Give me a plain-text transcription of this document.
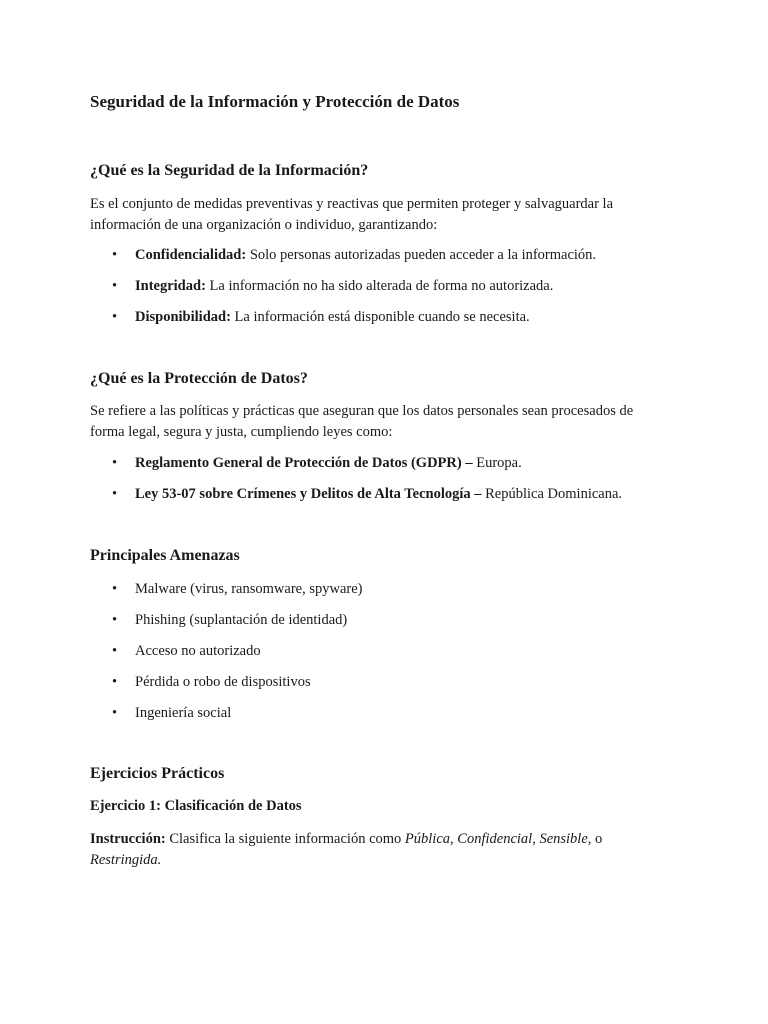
Seguridad de la Información y Protección de Datos
¿Qué es la Seguridad de la Información?

Es el conjunto de medidas preventivas y reactivas que permiten proteger y salvaguardar la información de una organización o individuo, garantizando:

• Confidencialidad: Solo personas autorizadas pueden acceder a la información.
• Integridad: La información no ha sido alterada de forma no autorizada.
• Disponibilidad: La información está disponible cuando se necesita.
¿Qué es la Protección de Datos?

Se refiere a las políticas y prácticas que aseguran que los datos personales sean procesados de forma legal, segura y justa, cumpliendo leyes como:

• Reglamento General de Protección de Datos (GDPR) – Europa.
• Ley 53-07 sobre Crímenes y Delitos de Alta Tecnología – República Dominicana.
Principales Amenazas
• Malware (virus, ransomware, spyware)
• Phishing (suplantación de identidad)
• Acceso no autorizado
• Pérdida o robo de dispositivos
• Ingeniería social
Ejercicios Prácticos
Ejercicio 1: Clasificación de Datos

Instrucción: Clasifica la siguiente información como Pública, Confidencial, Sensible, o
Restringida.
